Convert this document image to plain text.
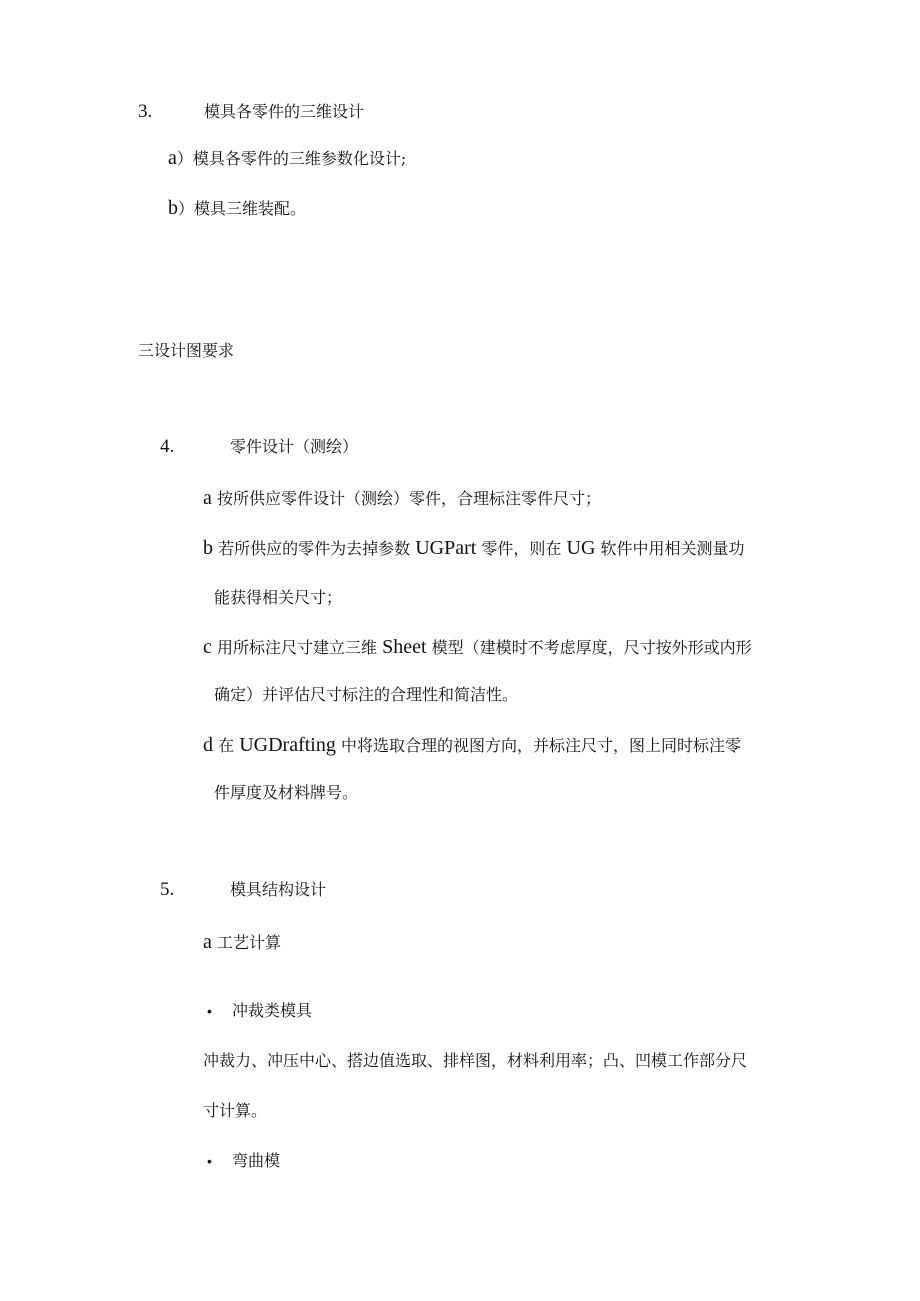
3.	模具各零件的三维设计
a）模具各零件的三维参数化设计;
b）模具三维装配。
三设计图要求
4.	零件设计（测绘）
a 按所供应零件设计（测绘）零件，合理标注零件尺寸；
b 若所供应的零件为去掉参数 UGPart 零件，则在 UG 软件中用相关测量功
能获得相关尺寸；
c 用所标注尺寸建立三维 Sheet 模型（建模时不考虑厚度，尺寸按外形或内形
确定）并评估尺寸标注的合理性和简洁性。
d 在 UGDrafting 中将选取合理的视图方向，并标注尺寸，图上同时标注零
件厚度及材料牌号。
5.	模具结构设计
a 工艺计算
• 冲裁类模具
冲裁力、冲压中心、搭边值选取、排样图，材料利用率；凸、凹模工作部分尺
寸计算。
• 弯曲模
